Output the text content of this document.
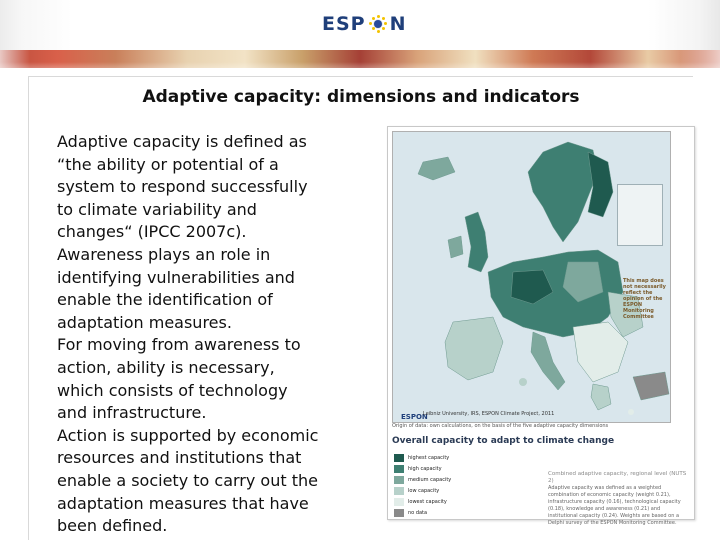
ESP N
Adaptive capacity: dimensions and indicators

Adaptive capacity is defined as
“the ability or potential of a
system to respond successfully
to climate variability and
changes“ (IPCC 2007c).

Awareness plays an role in
identifying vulnerabilities and
enable the identification of
adaptation measures.

For moving from awareness to
action, ability is necessary,
which consists of technology
and infrastructure.

Action is supported by economic
resources and institutions that
enable a society to carry out the
adaptation measures that have
been defined.

This map does not necessarily reflect the opinion of the ESPON Monitoring Committee
ESPON
Leibniz University, IRS, ESPON Climate Project, 2011
Origin of data: own calculations, on the basis of the five adaptive capacity dimensions
Overall capacity to adapt to climate change
highest capacity
high capacity
medium capacity
low capacity
lowest capacity
no data
Combined adaptive capacity, regional level (NUTS 2)
Adaptive capacity was defined as a weighted combination of economic capacity (weight 0.21), infrastructure capacity (0.16), technological capacity (0.18), knowledge and awareness (0.21) and institutional capacity (0.24). Weights are based on a Delphi survey of the ESPON Monitoring Committee.
